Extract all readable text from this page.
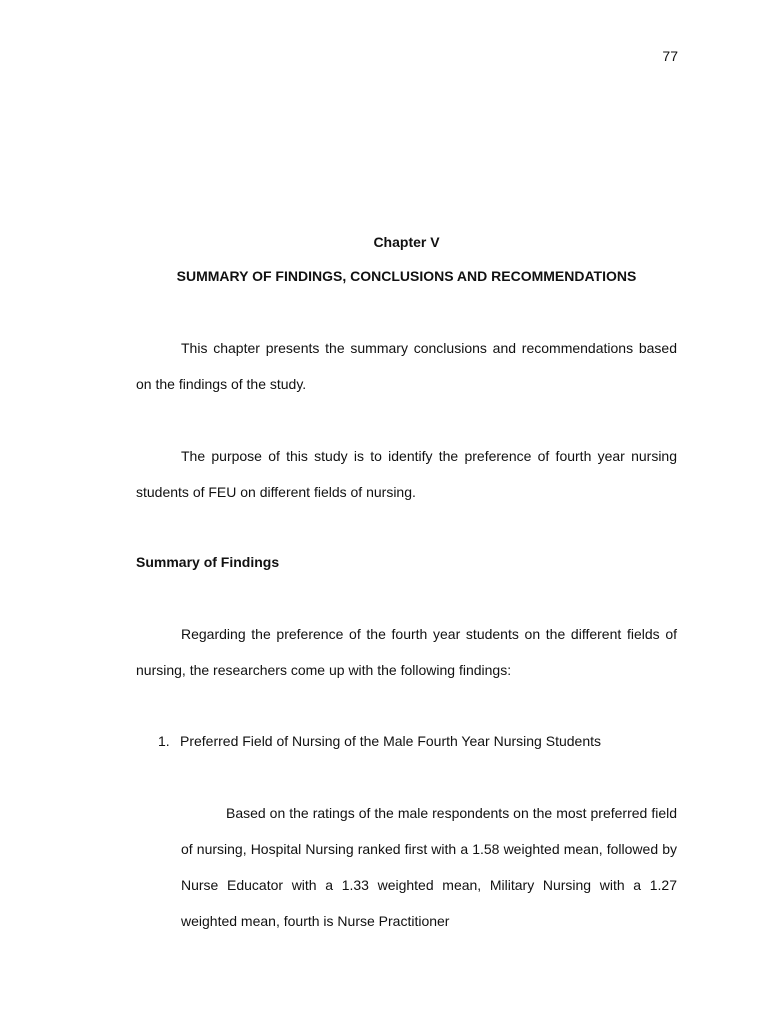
77
Chapter V
SUMMARY OF FINDINGS, CONCLUSIONS AND RECOMMENDATIONS

This chapter presents the summary conclusions and recommendations based on the findings of the study.

The purpose of this study is to identify the preference of fourth year nursing students of FEU on different fields of nursing.

Summary of Findings

Regarding the preference of the fourth year students on the different fields of nursing, the researchers come up with the following findings:

1. Preferred Field of Nursing of the Male Fourth Year Nursing Students

Based on the ratings of the male respondents on the most preferred field of nursing, Hospital Nursing ranked first with a 1.58 weighted mean, followed by Nurse Educator with a 1.33 weighted mean, Military Nursing with a 1.27 weighted mean, fourth is Nurse Practitioner
